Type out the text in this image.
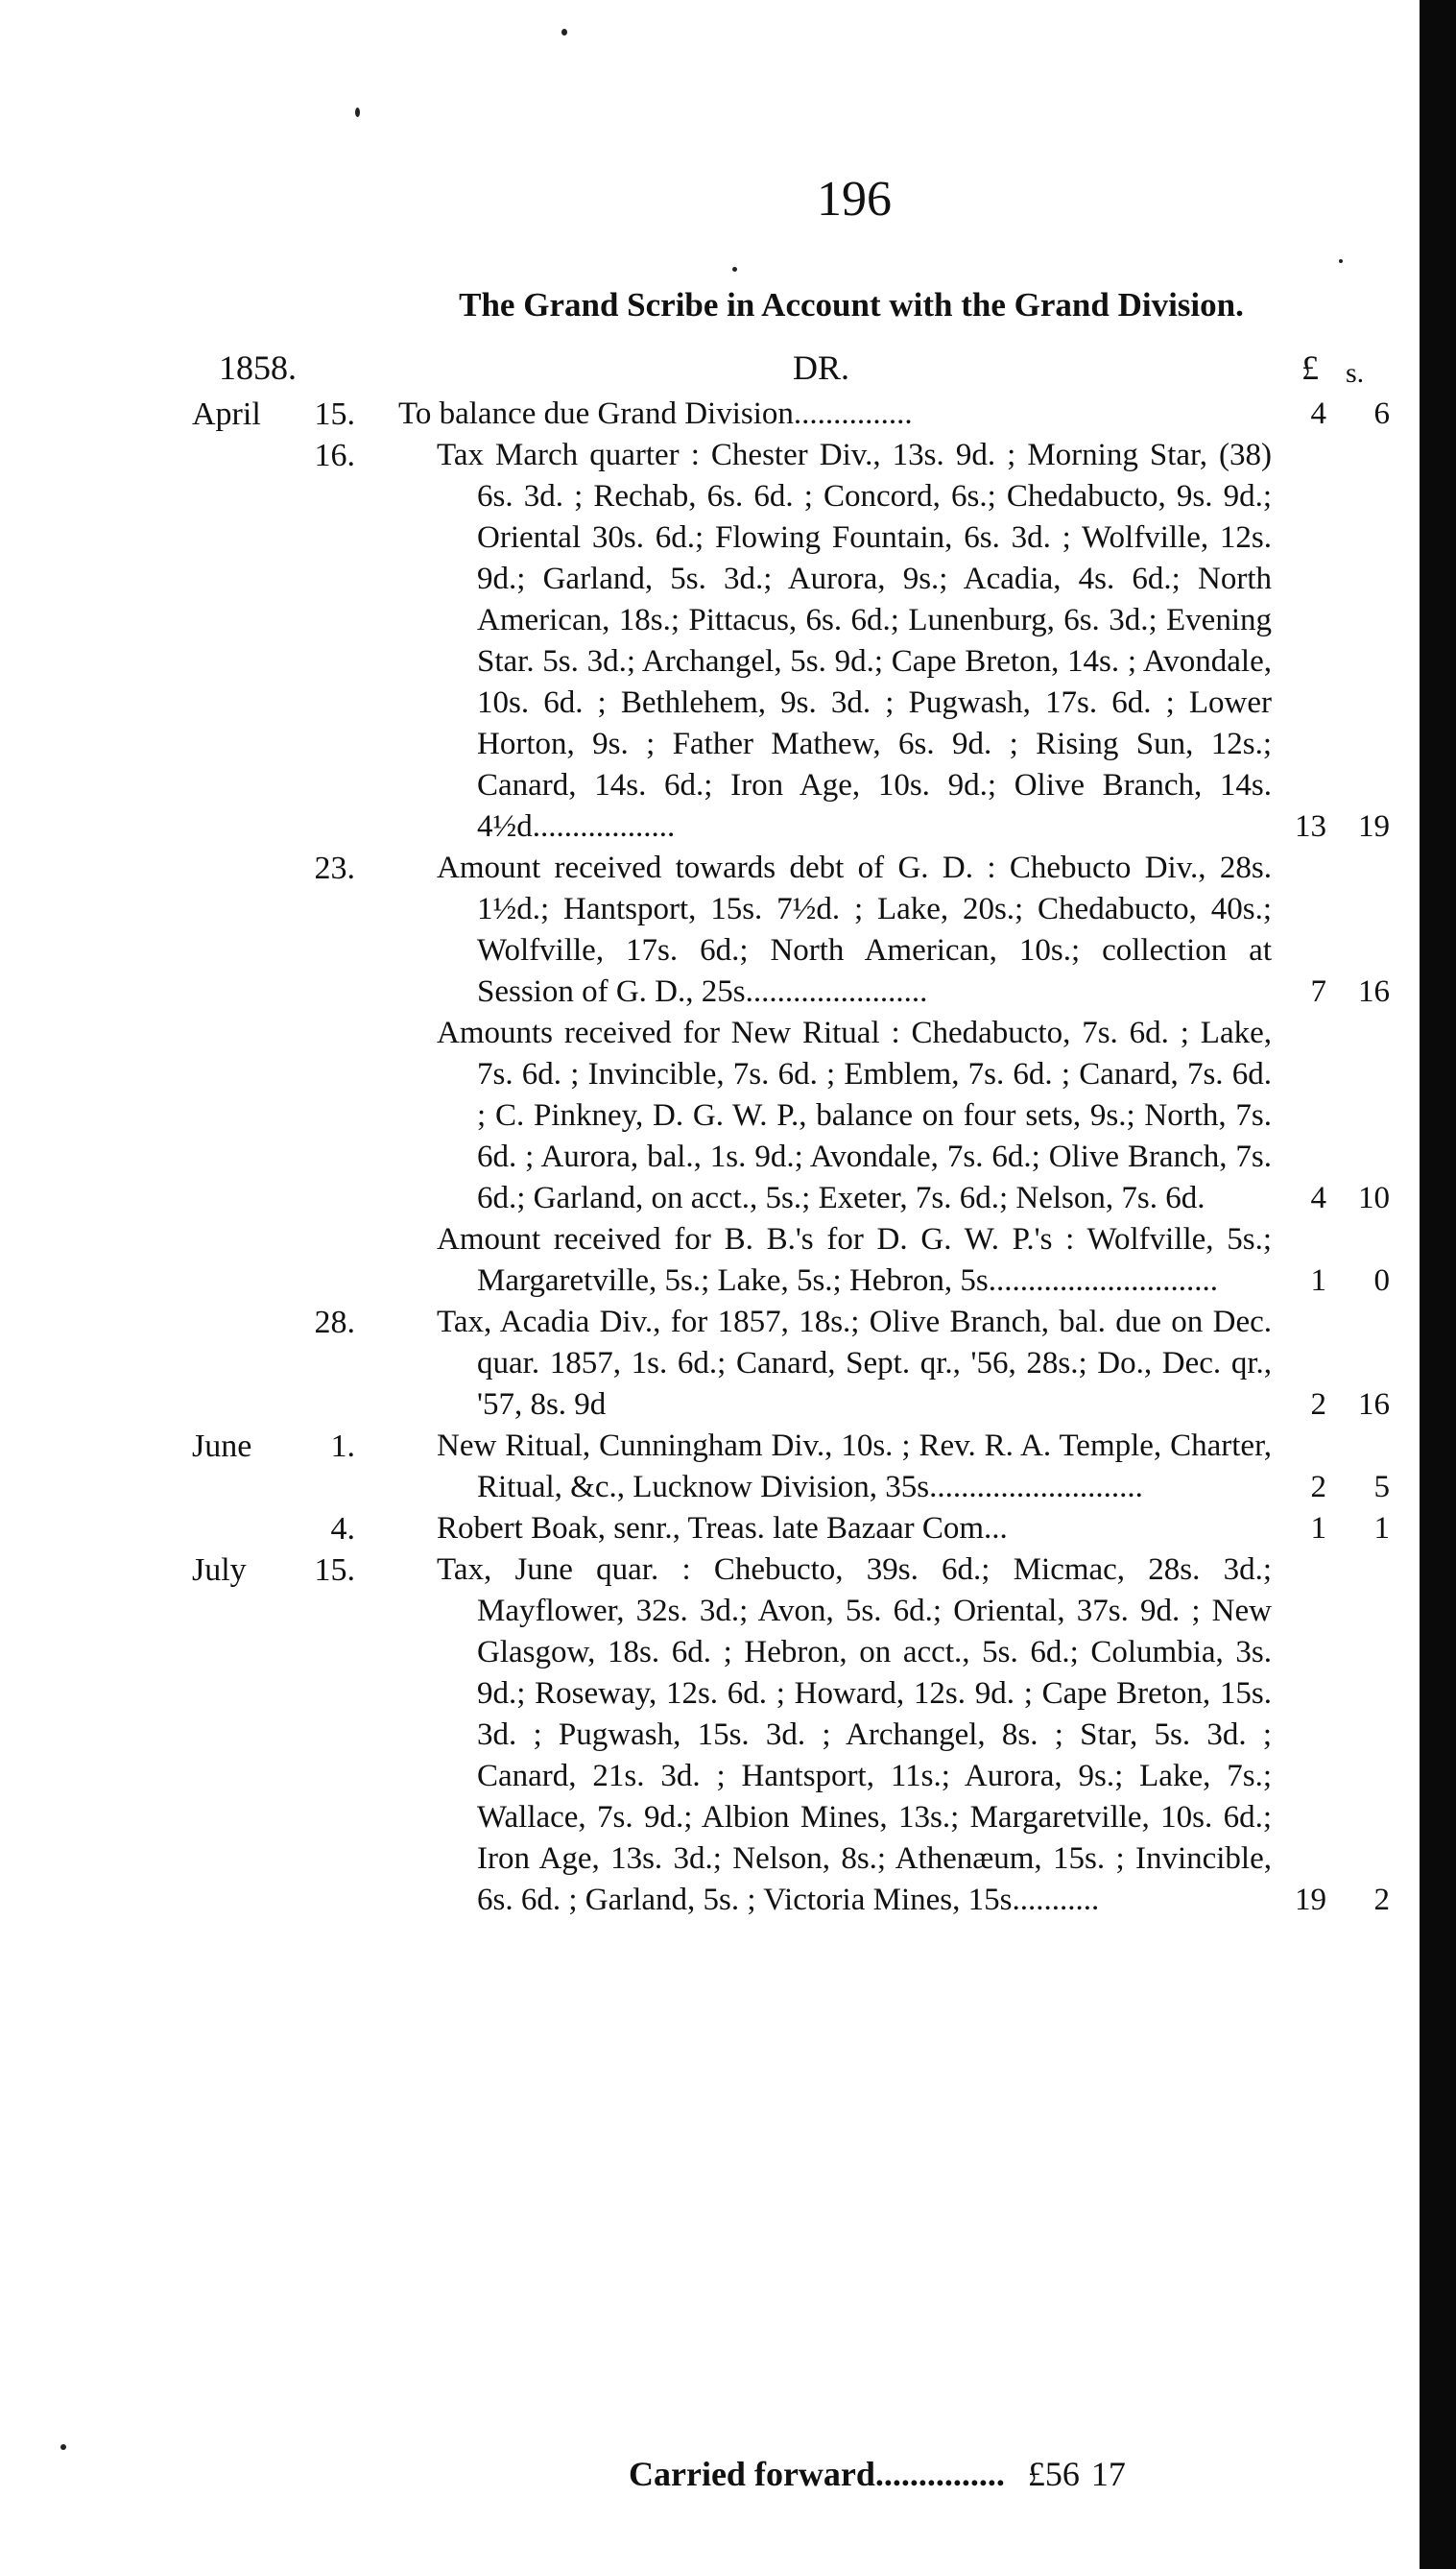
196
The Grand Scribe in Account with the Grand Division.
1858.	DR.	£ s.
April	15. To balance due Grand Division...............	4 6
16.	Tax March quarter : Chester Div., 13s. 9d. ; Morning Star, (38) 6s. 3d. ; Rechab, 6s. 6d. ; Concord, 6s.; Chedabucto, 9s. 9d.; Oriental 30s. 6d.; Flowing Fountain, 6s. 3d. ; Wolfville, 12s. 9d.; Garland, 5s. 3d.; Aurora, 9s.; Acadia, 4s. 6d.; North American, 18s.; Pittacus, 6s. 6d.; Lunenburg, 6s. 3d.; Evening Star. 5s. 3d.; Archangel, 5s. 9d.; Cape Breton, 14s. ; Avondale, 10s. 6d. ; Bethlehem, 9s. 3d. ; Pugwash, 17s. 6d. ; Lower Horton, 9s. ; Father Mathew, 6s. 9d. ; Rising Sun, 12s.; Canard, 14s. 6d.; Iron Age, 10s. 9d.; Olive Branch, 14s. 4½d..................	13 19
23.	Amount received towards debt of G. D. : Chebucto Div., 28s. 1½d.; Hantsport, 15s. 7½d. ; Lake, 20s.; Chedabucto, 40s.; Wolfville, 17s. 6d.; North American, 10s.; collection at Session of G. D., 25s.......................	7 16
Amounts received for New Ritual : Chedabucto, 7s. 6d. ; Lake, 7s. 6d. ; Invincible, 7s. 6d. ; Emblem, 7s. 6d. ; Canard, 7s. 6d. ; C. Pinkney, D. G. W. P., balance on four sets, 9s.; North, 7s. 6d. ; Aurora, bal., 1s. 9d.; Avondale, 7s. 6d.; Olive Branch, 7s. 6d.; Garland, on acct., 5s.; Exeter, 7s. 6d.; Nelson, 7s. 6d.	4 10
Amount received for B. B.'s for D. G. W. P.'s : Wolfville, 5s.; Margaretville, 5s.; Lake, 5s.; Hebron, 5s.............................	1 0
28.	Tax, Acadia Div., for 1857, 18s.; Olive Branch, bal. due on Dec. quar. 1857, 1s. 6d.; Canard, Sept. qr., '56, 28s.; Do., Dec. qr., '57, 8s. 9d	2 16
June	1.	New Ritual, Cunningham Div., 10s. ; Rev. R. A. Temple, Charter, Ritual, &c., Lucknow Division, 35s...........................	2 5
4.	Robert Boak, senr., Treas. late Bazaar Com...	1 1
July	15.	Tax, June quar. : Chebucto, 39s. 6d.; Micmac, 28s. 3d.; Mayflower, 32s. 3d.; Avon, 5s. 6d.; Oriental, 37s. 9d. ; New Glasgow, 18s. 6d. ; Hebron, on acct., 5s. 6d.; Columbia, 3s. 9d.; Roseway, 12s. 6d. ; Howard, 12s. 9d. ; Cape Breton, 15s. 3d. ; Pugwash, 15s. 3d. ; Archangel, 8s. ; Star, 5s. 3d. ; Canard, 21s. 3d. ; Hantsport, 11s.; Aurora, 9s.; Lake, 7s.; Wallace, 7s. 9d.; Albion Mines, 13s.; Margaretville, 10s. 6d.; Iron Age, 13s. 3d.; Nelson, 8s.; Athenæum, 15s. ; Invincible, 6s. 6d. ; Garland, 5s. ; Victoria Mines, 15s...........	19 2
Carried forward............... £56 17
